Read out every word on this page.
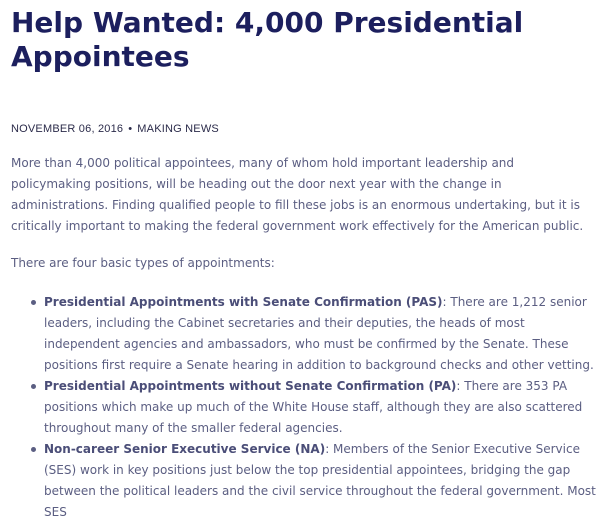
Help Wanted: 4,000 Presidential Appointees
NOVEMBER 06, 2016 • MAKING NEWS

More than 4,000 political appointees, many of whom hold important leadership and policymaking positions, will be heading out the door next year with the change in administrations. Finding qualified people to fill these jobs is an enormous undertaking, but it is critically important to making the federal government work effectively for the American public.

There are four basic types of appointments:

Presidential Appointments with Senate Confirmation (PAS): There are 1,212 senior leaders, including the Cabinet secretaries and their deputies, the heads of most independent agencies and ambassadors, who must be confirmed by the Senate. These positions first require a Senate hearing in addition to background checks and other vetting.
Presidential Appointments without Senate Confirmation (PA): There are 353 PA positions which make up much of the White House staff, although they are also scattered throughout many of the smaller federal agencies.
Non-career Senior Executive Service (NA): Members of the Senior Executive Service (SES) work in key positions just below the top presidential appointees, bridging the gap between the political leaders and the civil service throughout the federal government. Most SES
